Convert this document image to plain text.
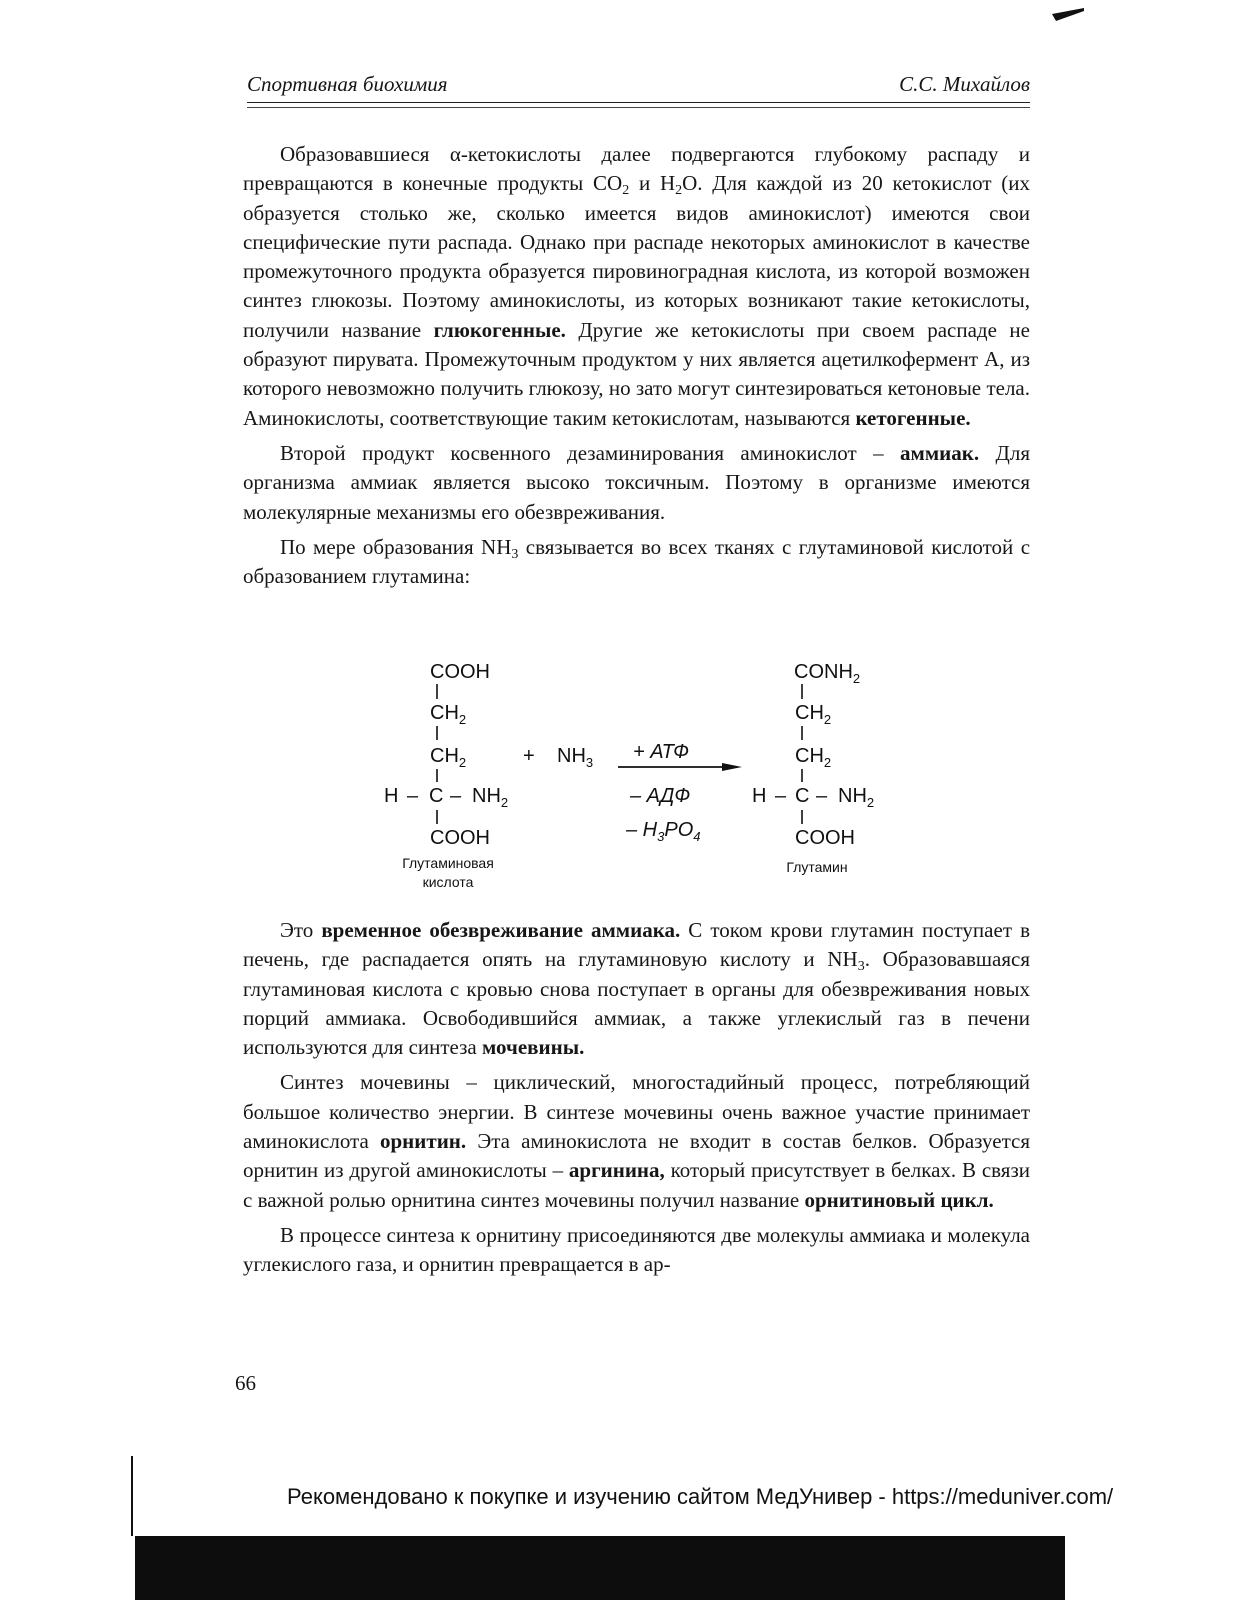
Спортивная биохимия	С.С. Михайлов

Образовавшиеся α-кетокислоты далее подвергаются глубокому распаду и превращаются в конечные продукты $CO_2$ и $H_2O$. Для каждой из 20 кетокислот (их образуется столько же, сколько имеется видов аминокислот) имеются свои специфические пути распада. Однако при распаде некоторых аминокислот в качестве промежуточного продукта образуется пировиноградная кислота, из которой возможен синтез глюкозы. Поэтому аминокислоты, из которых возникают такие кетокислоты, получили название глюкогенные. Другие же кетокислоты при своем распаде не образуют пирувата. Промежуточным продуктом у них является ацетилкофермент А, из которого невозможно получить глюкозу, но зато могут синтезироваться кетоновые тела. Аминокислоты, соответствующие таким кетокислотам, называются кетогенные.

Второй продукт косвенного дезаминирования аминокислот – аммиак. Для организма аммиак является высоко токсичным. Поэтому в организме имеются молекулярные механизмы его обезвреживания.

По мере образования $NH_3$ связывается во всех тканях с глутаминовой кислотой с образованием глутамина:

COOH
$CH_2$
$CH_2$
H – C – $NH_2$
COOH
Глутаминовая
кислота
+ $NH_3$ + АТФ
– АДФ
– $H_3PO_4$
$CONH_2$
$CH_2$
$CH_2$
H – C – $NH_2$
COOH
Глутамин

Это временное обезвреживание аммиака. С током крови глутамин поступает в печень, где распадается опять на глутаминовую кислоту и $NH_3$. Образовавшаяся глутаминовая кислота с кровью снова поступает в органы для обезвреживания новых порций аммиака. Освободившийся аммиак, а также углекислый газ в печени используются для синтеза мочевины.

Синтез мочевины – циклический, многостадийный процесс, потребляющий большое количество энергии. В синтезе мочевины очень важное участие принимает аминокислота орнитин. Эта аминокислота не входит в состав белков. Образуется орнитин из другой аминокислоты – аргинина, который присутствует в белках. В связи с важной ролью орнитина синтез мочевины получил название орнитиновый цикл.

В процессе синтеза к орнитину присоединяются две молекулы аммиака и молекула углекислого газа, и орнитин превращается в ар-

66
Рекомендовано к покупке и изучению сайтом МедУнивер - https://meduniver.com/
